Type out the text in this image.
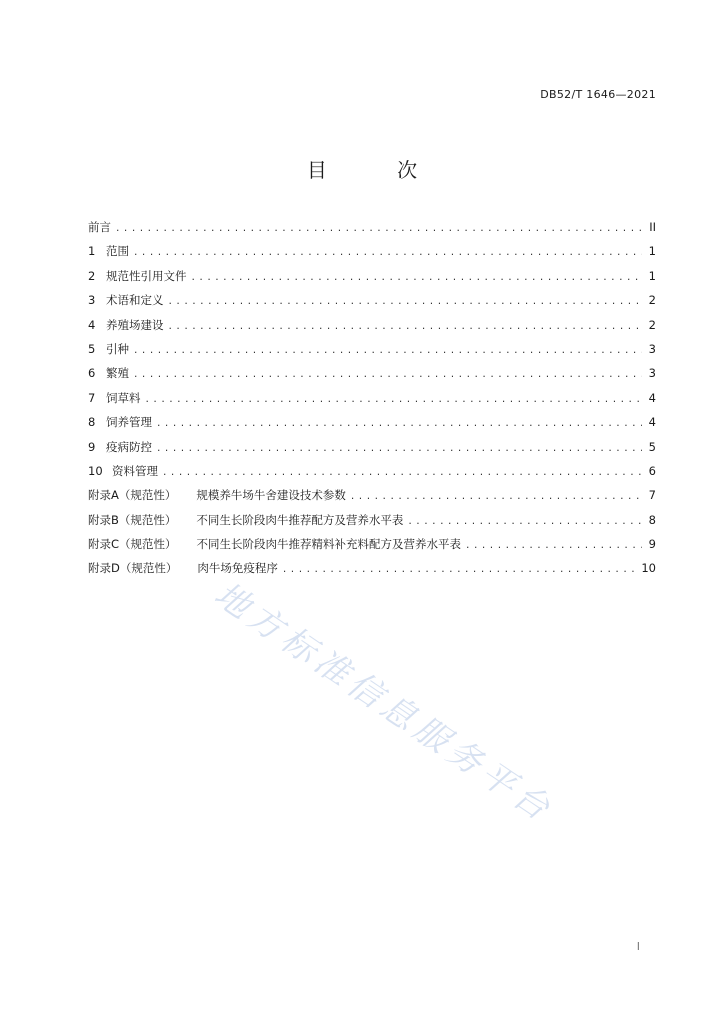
DB52/T 1646—2021
目 次
前言 .....	II
1 范围 .....	1
2 规范性引用文件 .....	1
3 术语和定义 .....	2
4 养殖场建设 .....	2
5 引种 .....	3
6 繁殖 .....	3
7 饲草料 .....	4
8 饲养管理 .....	4
9 疫病防控 .....	5
10 资料管理 .....	6
附录A（规范性） 规模养牛场牛舍建设技术参数 .....	7
附录B（规范性） 不同生长阶段肉牛推荐配方及营养水平表 .....	8
附录C（规范性） 不同生长阶段肉牛推荐精料补充料配方及营养水平表 .....	9
附录D（规范性） 肉牛场免疫程序 .....	10
地方标准信息服务平台
I
